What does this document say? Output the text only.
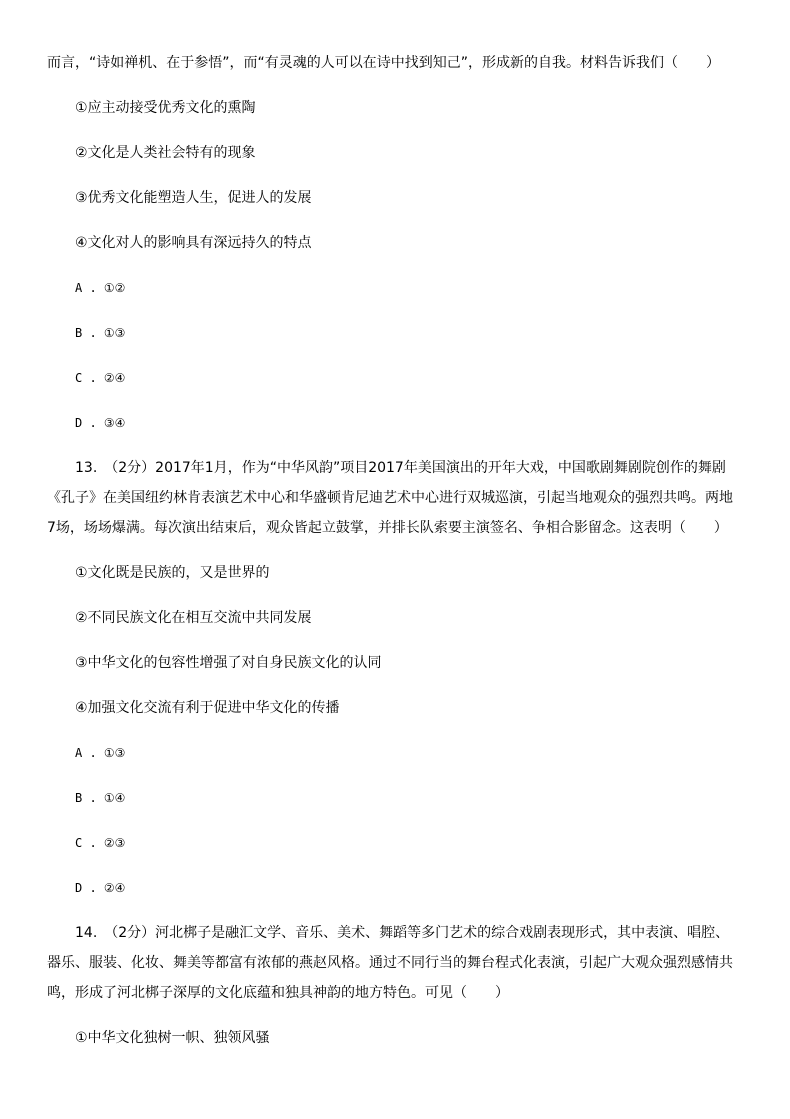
而言，“诗如禅机、在于参悟”，而“有灵魂的人可以在诗中找到知己”，形成新的自我。材料告诉我们（　　）
①应主动接受优秀文化的熏陶
②文化是人类社会特有的现象
③优秀文化能塑造人生，促进人的发展
④文化对人的影响具有深远持久的特点
A . ①②
B . ①③
C . ②④
D . ③④
13.　（2分）2017年1月，作为“中华风韵”项目2017年美国演出的开年大戏，中国歌剧舞剧院创作的舞剧
《孔子》在美国纽约林肯表演艺术中心和华盛顿肯尼迪艺术中心进行双城巡演，引起当地观众的强烈共鸣。两地
7场，场场爆满。每次演出结束后，观众皆起立鼓掌，并排长队索要主演签名、争相合影留念。这表明（　　）
①文化既是民族的，又是世界的
②不同民族文化在相互交流中共同发展
③中华文化的包容性增强了对自身民族文化的认同
④加强文化交流有利于促进中华文化的传播
A . ①③
B . ①④
C . ②③
D . ②④
14.　（2分）河北梆子是融汇文学、音乐、美术、舞蹈等多门艺术的综合戏剧表现形式，其中表演、唱腔、
器乐、服装、化妆、舞美等都富有浓郁的燕赵风格。通过不同行当的舞台程式化表演，引起广大观众强烈感情共
鸣，形成了河北梆子深厚的文化底蕴和独具神韵的地方特色。可见（　　）
①中华文化独树一帜、独领风骚
